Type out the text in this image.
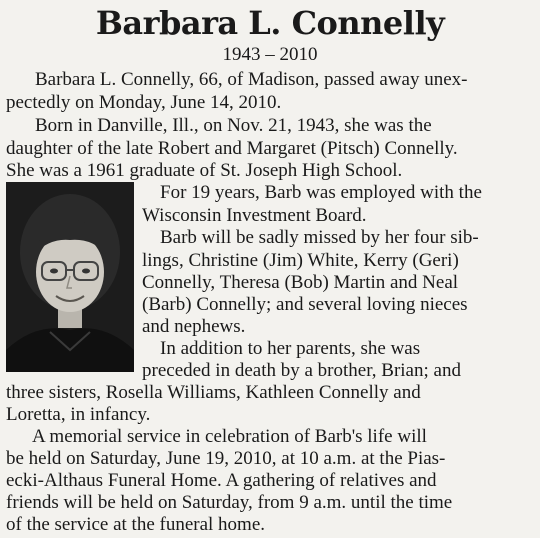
Barbara L. Connelly
1943 – 2010
Barbara L. Connelly, 66, of Madison, passed away unex-
pectedly on Monday, June 14, 2010.
Born in Danville, Ill., on Nov. 21, 1943, she was the
daughter of the late Robert and Margaret (Pitsch) Connelly.
She was a 1961 graduate of St. Joseph High School.
For 19 years, Barb was employed with the
Wisconsin Investment Board.
Barb will be sadly missed by her four sib-
lings, Christine (Jim) White, Kerry (Geri)
Connelly, Theresa (Bob) Martin and Neal
(Barb) Connelly; and several loving nieces
and nephews.
In addition to her parents, she was
preceded in death by a brother, Brian; and
three sisters, Rosella Williams, Kathleen Connelly and
Loretta, in infancy.
A memorial service in celebration of Barb's life will
be held on Saturday, June 19, 2010, at 10 a.m. at the Pias-
ecki-Althaus Funeral Home. A gathering of relatives and
friends will be held on Saturday, from 9 a.m. until the time
of the service at the funeral home.
